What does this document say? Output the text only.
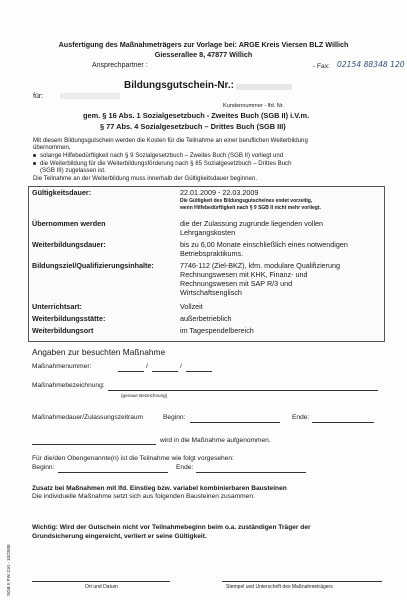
Ausfertigung des Maßnahmeträgers zur Vorlage bei: ARGE Kreis Viersen BLZ Willich
Giesserallee 8, 47877 Willich
Ansprechpartner :	- Fax: 02154 88348 120
Bildungsgutschein-Nr.:
für:
Kundennummer - lfd. Nr.
gem. § 16 Abs. 1 Sozialgesetzbuch - Zweites Buch (SGB II) i.V.m.
§ 77 Abs. 4 Sozialgesetzbuch – Drittes Buch (SGB III)
Mit diesem Bildungsgutschein werden die Kosten für die Teilnahme an einer beruflichen Weiterbildung
übernommen,
solange Hilfebedürftigkeit nach § 9 Sozialgesetzbuch – Zweites Buch (SGB II) vorliegt und
die Weiterbildung für die Weiterbildungsförderung nach § 85 Sozialgesetzbuch – Drittes Buch
(SGB III) zugelassen ist.
Die Teilnahme an der Weiterbildung muss innerhalb der Gültigkeitsdauer beginnen.
Gültigkeitsdauer:	22.01.2009 - 22.03.2009
Die Gültigkeit des Bildungsgutscheines endet vorzeitig,
wenn Hilfebedürftigkeit nach § 9 SGB II nicht mehr vorliegt.
Übernommen werden	die der Zulassung zugrunde liegenden vollen
Lehrgangskosten
Weiterbildungsdauer:	bis zu 6,00 Monate einschließlich eines notwendigen
Betriebspraktikums.
Bildungsziel/Qualifizierungsinhalte:	7746-112 (Ziel-BKZ), kfm. modulare Qualifizierung
Rechnungswesen mit KHK, Finanz- und
Rechnungswesen mit SAP R/3 und
Wirtschaftsenglisch
Unterrichtsart:	Vollzeit
Weiterbildungsstätte:	außerbetrieblich
Weiterbildungsort	im Tagespendelbereich
Angaben zur besuchten Maßnahme
Maßnahmenummer:	/	/
Maßnahmebezeichnung:
(genaue Bezeichnung)
Maßnahmedauer/Zulassungszeitraum	Beginn:	Ende:
wird in die Maßnahme aufgenommen.
Für die/den Obengenannte(n) ist die Teilnahme wie folgt vorgesehen:
Beginn:	Ende:
Zusatz bei Maßnahmen mit lfd. Einstieg bzw. variabel kombinierbaren Bausteinen
Die individuelle Maßnahme setzt sich aus folgenden Bausteinen zusammen:
Wichtig: Wird der Gutschein nicht vor Teilnahmebeginn beim o.a. zuständigen Träger der
Grundsicherung eingereicht, verliert er seine Gültigkeit.
Ort und Datum	Stempel und Unterschrift des Maßnahmeträgers
SGB II FW 210 - 10/2008
